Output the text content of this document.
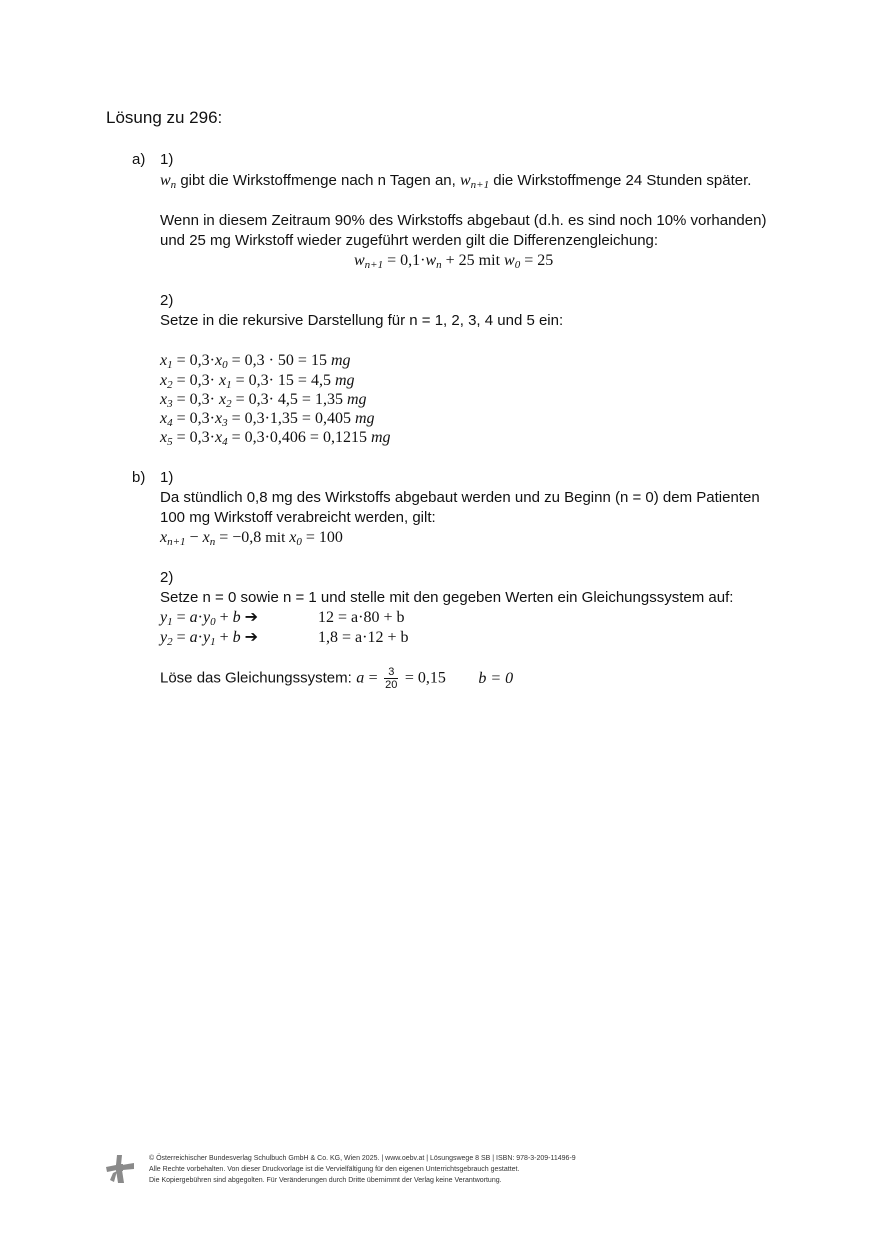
Lösung zu 296:
a) 1)
$w_n$ gibt die Wirkstoffmenge nach n Tagen an, $w_{n+1}$ die Wirkstoffmenge 24 Stunden später.
Wenn in diesem Zeitraum 90% des Wirkstoffs abgebaut (d.h. es sind noch 10% vorhanden)
und 25 mg Wirkstoff wieder zugeführt werden gilt die Differenzengleichung:
$w_{n+1} = 0,1\cdot w_n + 25$ mit $w_0 = 25$
2)
Setze in die rekursive Darstellung für n = 1, 2, 3, 4 und 5 ein:
$x_1 = 0,3\cdot x_0 = 0,3 \cdot 50 = 15$ mg
$x_2 = 0,3\cdot x_1 = 0,3\cdot 15 = 4,5$ mg
$x_3 = 0,3\cdot x_2 = 0,3\cdot 4,5 = 1,35$ mg
$x_4 = 0,3\cdot x_3 = 0,3\cdot 1,35 = 0,405$ mg
$x_5 = 0,3\cdot x_4 = 0,3\cdot 0,406 = 0,1215$ mg
b) 1)
Da stündlich 0,8 mg des Wirkstoffs abgebaut werden und zu Beginn (n = 0) dem Patienten
100 mg Wirkstoff verabreicht werden, gilt:
$x_{n+1} - x_n = -0,8$ mit $x_0 = 100$
2)
Setze n = 0 sowie n = 1 und stelle mit den gegeben Werten ein Gleichungssystem auf:
$y_1 = a\cdot y_0 + b$ ➔	12 = a·80 + b
$y_2 = a\cdot y_1 + b$ ➔	1,8 = a·12 + b
Löse das Gleichungssystem: $a = \frac{3}{20} = 0,15$ b = 0
© Österreichischer Bundesverlag Schulbuch GmbH & Co. KG, Wien 2025. | www.oebv.at | Lösungswege 8 SB | ISBN: 978-3-209-11496-9
Alle Rechte vorbehalten. Von dieser Druckvorlage ist die Vervielfältigung für den eigenen Unterrichtsgebrauch gestattet.
Die Kopiergebühren sind abgegolten. Für Veränderungen durch Dritte übernimmt der Verlag keine Verantwortung.
